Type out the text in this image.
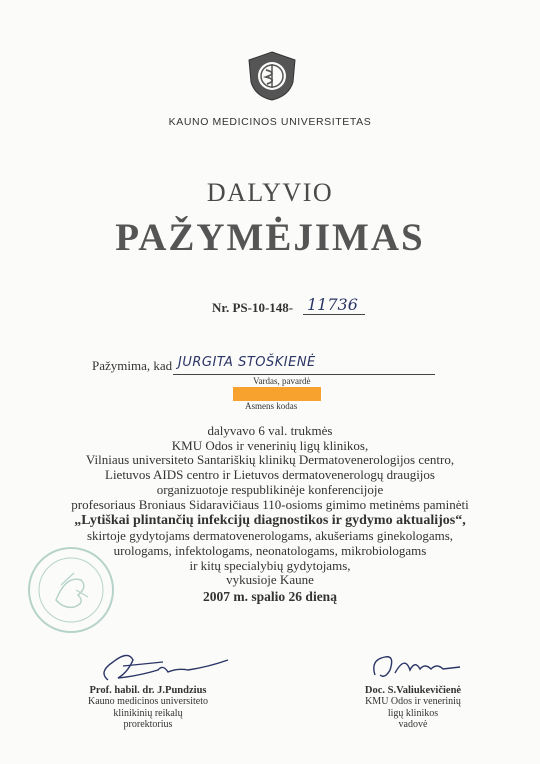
KAUNO MEDICINOS UNIVERSITETAS
DALYVIO
PAŽYMĖJIMAS
Nr. PS-10-148- 11736
Pažymima, kad JURGITA STOŠKIENĖ
Vardas, pavardė
Asmens kodas
dalyvavo 6 val. trukmės
KMU Odos ir venerinių ligų klinikos,
Vilniaus universiteto Santariškių klinikų Dermatovenerologijos centro,
Lietuvos AIDS centro ir Lietuvos dermatovenerologų draugijos
organizuotoje respublikinėje konferencijoje
profesoriaus Broniaus Sidaravičiaus 110-osioms gimimo metinėms paminėti
„Lytiškai plintančių infekcijų diagnostikos ir gydymo aktualijos“,
skirtoje gydytojams dermatovenerologams, akušeriams ginekologams,
urologams, infektologams, neonatologams, mikrobiologams
ir kitų specialybių gydytojams,
vykusioje Kaune
2007 m. spalio 26 dieną
Prof. habil. dr. J.Pundzius
Kauno medicinos universiteto
klinikinių reikalų
prorektorius
Doc. S.Valiukevičienė
KMU Odos ir venerinių
ligų klinikos
vadovė
